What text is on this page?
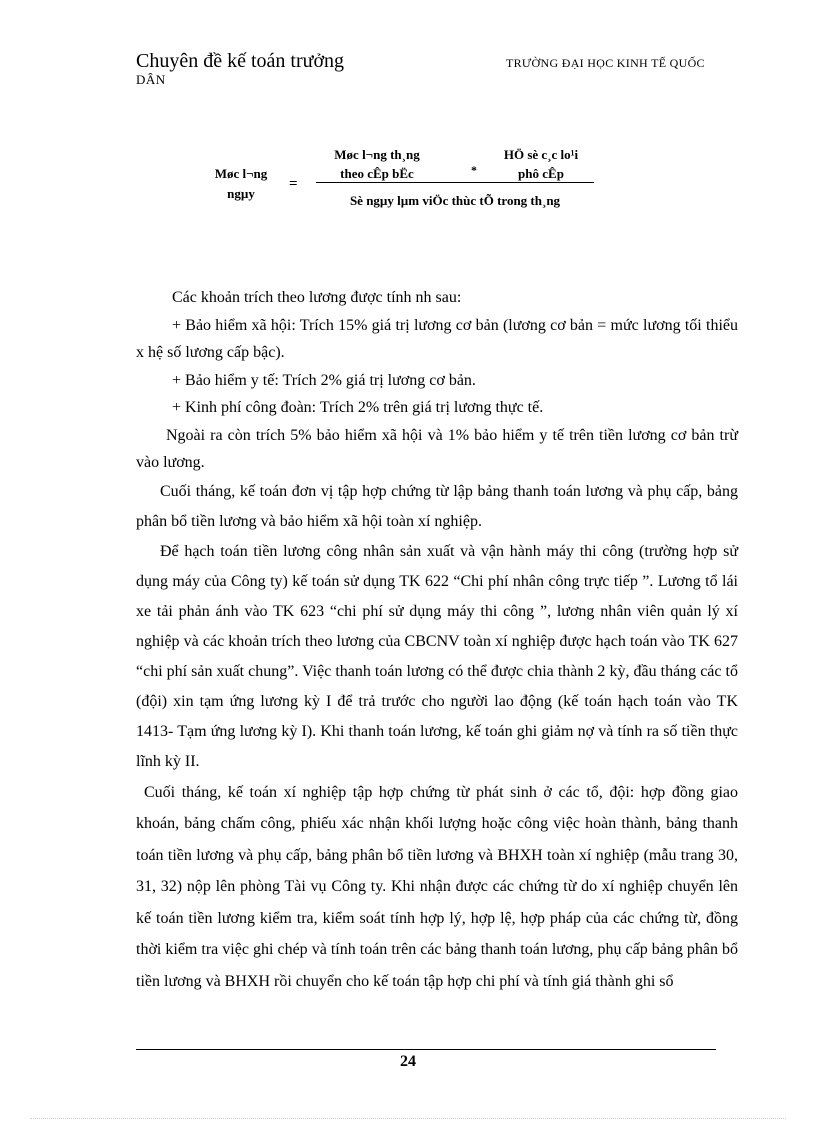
Chuyên đề kế toán trưởng
DÂN
TRƯỜNG ĐẠI HỌC KINH TẾ QUỐC
Møc l¬ng
ngµy
=
Møc l¬ng th¸ng
theo cÊp bËc	*
HÖ sè c¸c lo¹i
phô cÊp
Sè ngµy lµm viÖc thùc tÕ trong th¸ng

Các khoản trích theo lương được tính nh sau:

+ Bảo hiểm xã hội: Trích 15% giá trị lương cơ bản (lương cơ bản = mức lương tối thiểu x hệ số lương cấp bậc).

+ Bảo hiểm y tế: Trích 2% giá trị lương cơ bản.

+ Kinh phí công đoàn: Trích 2% trên giá trị lương thực tế.

Ngoài ra còn trích 5% bảo hiểm xã hội và 1% bảo hiểm y tế trên tiền lương cơ bản trừ vào lương.

Cuối tháng, kế toán đơn vị tập hợp chứng từ lập bảng thanh toán lương và phụ cấp, bảng phân bổ tiền lương và bảo hiểm xã hội toàn xí nghiệp.

Để hạch toán tiền lương công nhân sản xuất và vận hành máy thi công (trường hợp sử dụng máy của Công ty) kế toán sử dụng TK 622 “Chi phí nhân công trực tiếp ”. Lương tổ lái xe tải phản ánh vào TK 623 “chi phí sử dụng máy thi công ”, lương nhân viên quản lý xí nghiệp và các khoản trích theo lương của CBCNV toàn xí nghiệp được hạch toán vào TK 627 “chi phí sản xuất chung”. Việc thanh toán lương có thể được chia thành 2 kỳ, đầu tháng các tổ (đội) xin tạm ứng lương kỳ I để trả trước cho người lao động (kế toán hạch toán vào TK 1413- Tạm ứng lương kỳ I). Khi thanh toán lương, kế toán ghi giảm nợ và tính ra số tiền thực lĩnh kỳ II.

Cuối tháng, kế toán xí nghiệp tập hợp chứng từ phát sinh ở các tổ, đội: hợp đồng giao khoán, bảng chấm công, phiếu xác nhận khối lượng hoặc công việc hoàn thành, bảng thanh toán tiền lương và phụ cấp, bảng phân bổ tiền lương và BHXH toàn xí nghiệp (mẫu trang 30, 31, 32) nộp lên phòng Tài vụ Công ty. Khi nhận được các chứng từ do xí nghiệp chuyển lên kế toán tiền lương kiểm tra, kiểm soát tính hợp lý, hợp lệ, hợp pháp của các chứng từ, đồng thời kiểm tra việc ghi chép và tính toán trên các bảng thanh toán lương, phụ cấp bảng phân bổ tiền lương và BHXH rồi chuyển cho kế toán tập hợp chi phí và tính giá thành ghi sổ

24
